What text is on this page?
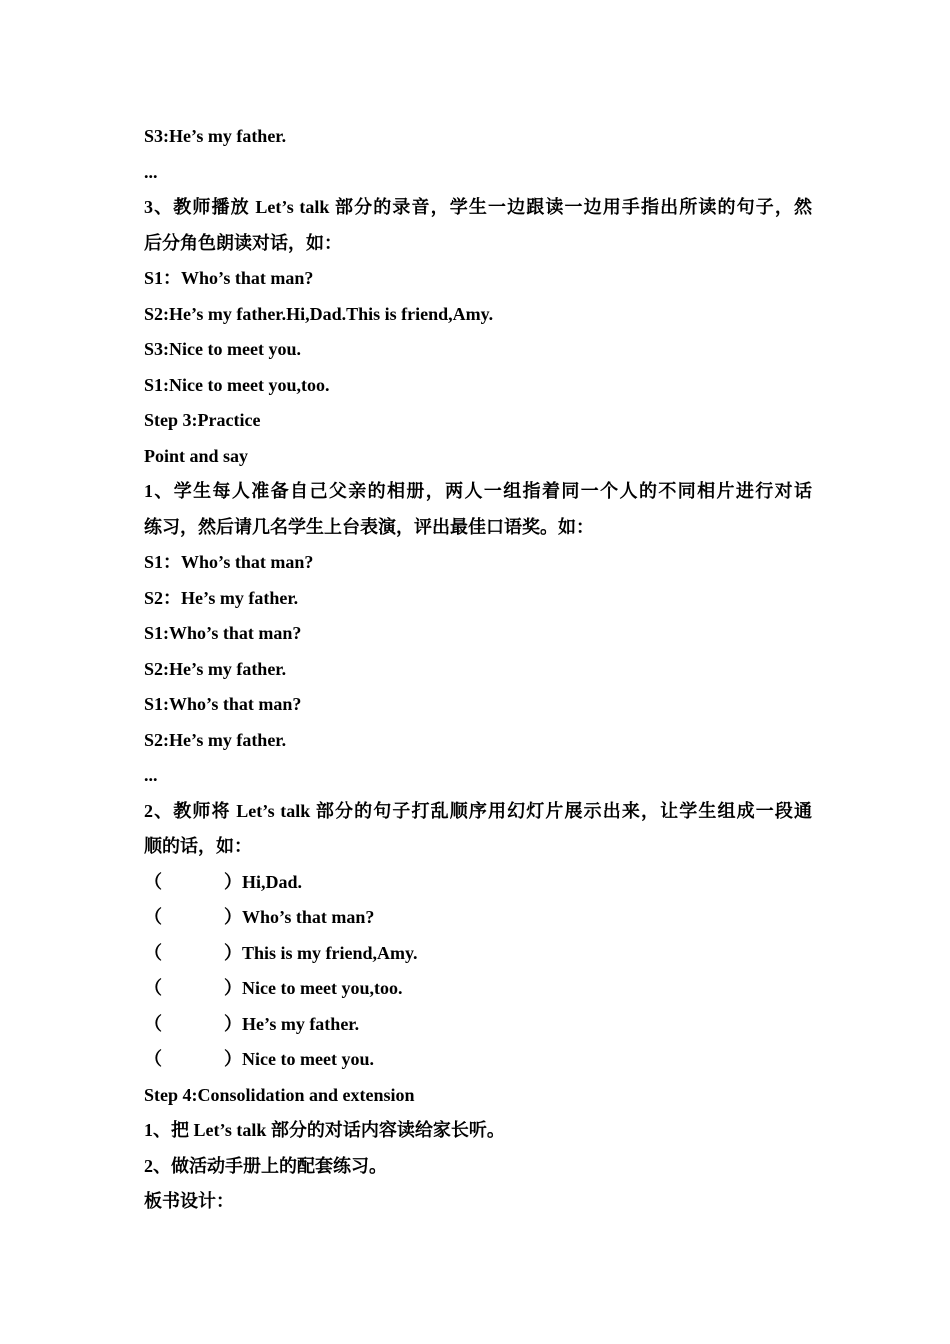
S3:He’s my father.
...
3、教师播放 Let’s talk 部分的录音，学生一边跟读一边用手指出所读的句子，然
后分角色朗读对话，如：
S1：Who’s that man?
S2:He’s my father.Hi,Dad.This is friend,Amy.
S3:Nice to meet you.
S1:Nice to meet you,too.
Step 3:Practice
Point and say
1、学生每人准备自己父亲的相册，两人一组指着同一个人的不同相片进行对话
练习，然后请几名学生上台表演，评出最佳口语奖。如：
S1：Who’s that man?
S2：He’s my father.
S1:Who’s that man?
S2:He’s my father.
S1:Who’s that man?
S2:He’s my father.
...
2、教师将 Let’s talk 部分的句子打乱顺序用幻灯片展示出来，让学生组成一段通
顺的话，如：
（	）Hi,Dad.
（	）Who’s that man?
（	）This is my friend,Amy.
（	）Nice to meet you,too.
（	）He’s my father.
（	）Nice to meet you.
Step 4:Consolidation and extension
1、把 Let’s talk 部分的对话内容读给家长听。
2、做活动手册上的配套练习。
板书设计：
